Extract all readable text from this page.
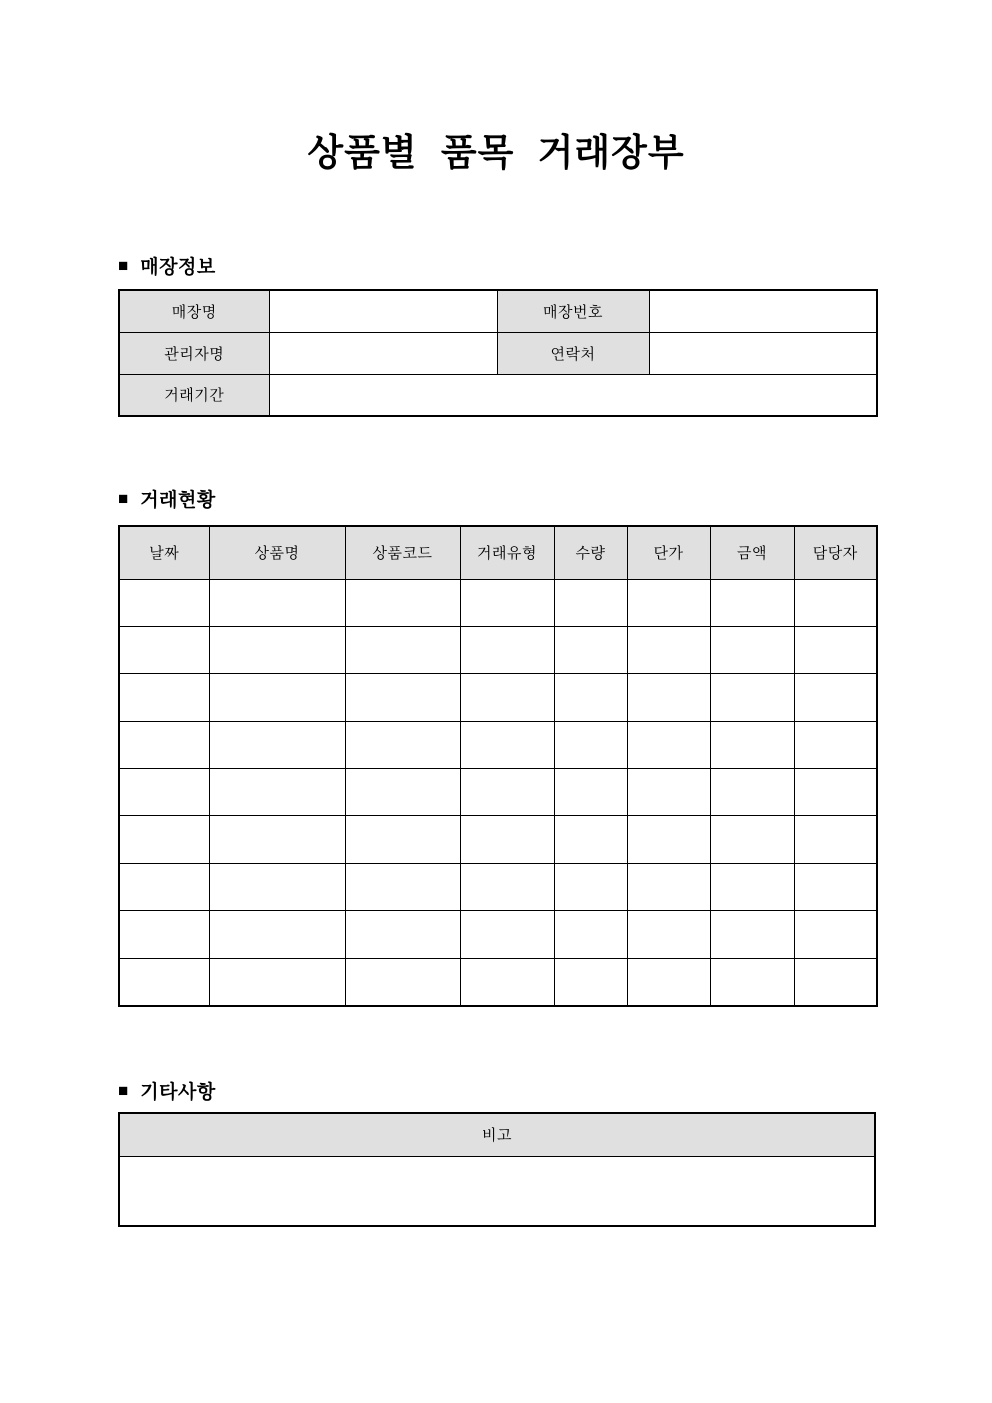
상품별 품목 거래장부
■ 매장정보
매장명		매장번호	
관리자명		연락처	
거래기간			
■ 거래현황
날짜	상품명	상품코드	거래유형	수량	단가	금액	담당자

■ 기타사항
비고
